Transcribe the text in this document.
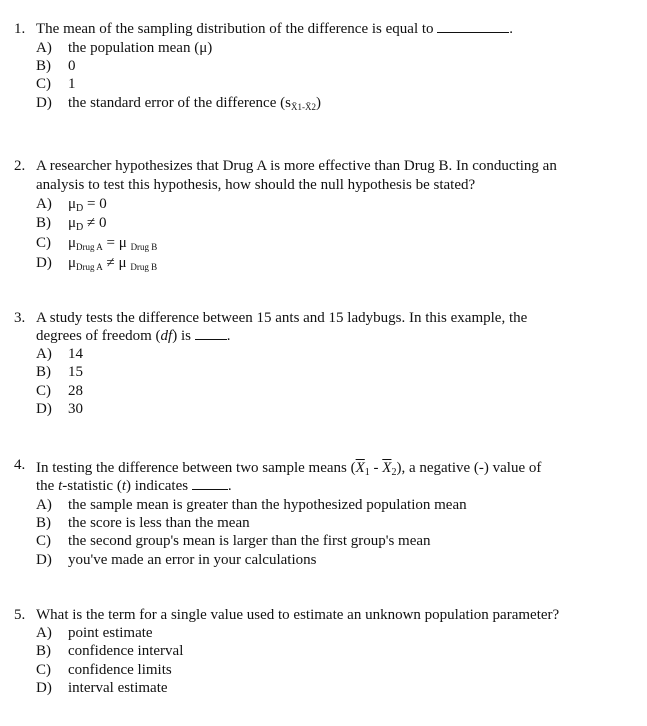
1. The mean of the sampling distribution of the difference is equal to	.
A) the population mean (μ)
B) 0
C) 1
D) the standard error of the difference $(s_{X̄1-X̄2})$
2. A researcher hypothesizes that Drug A is more effective than Drug B. In conducting an
analysis to test this hypothesis, how should the null hypothesis be stated?
A) $\mu_D = 0$
B) $\mu_D \ne 0$
C) $\mu_{Drug A} = \mu$ $_{Drug B}$
D) $\mu_{Drug A} \ne \mu$ $_{Drug B}$
3. A study tests the difference between 15 ants and 15 ladybugs. In this example, the
degrees of freedom (df) is .
A) 14
B) 15
C) 28
D) 30
4. In testing the difference between two sample means $(\overline{X}_1 - \overline{X}_2)$, a negative (-) value of
the t-statistic (t) indicates	.
A) the sample mean is greater than the hypothesized population mean
B) the score is less than the mean
C) the second group's mean is larger than the first group's mean
D) you've made an error in your calculations
5. What is the term for a single value used to estimate an unknown population parameter?
A) point estimate
B) confidence interval
C) confidence limits
D) interval estimate
